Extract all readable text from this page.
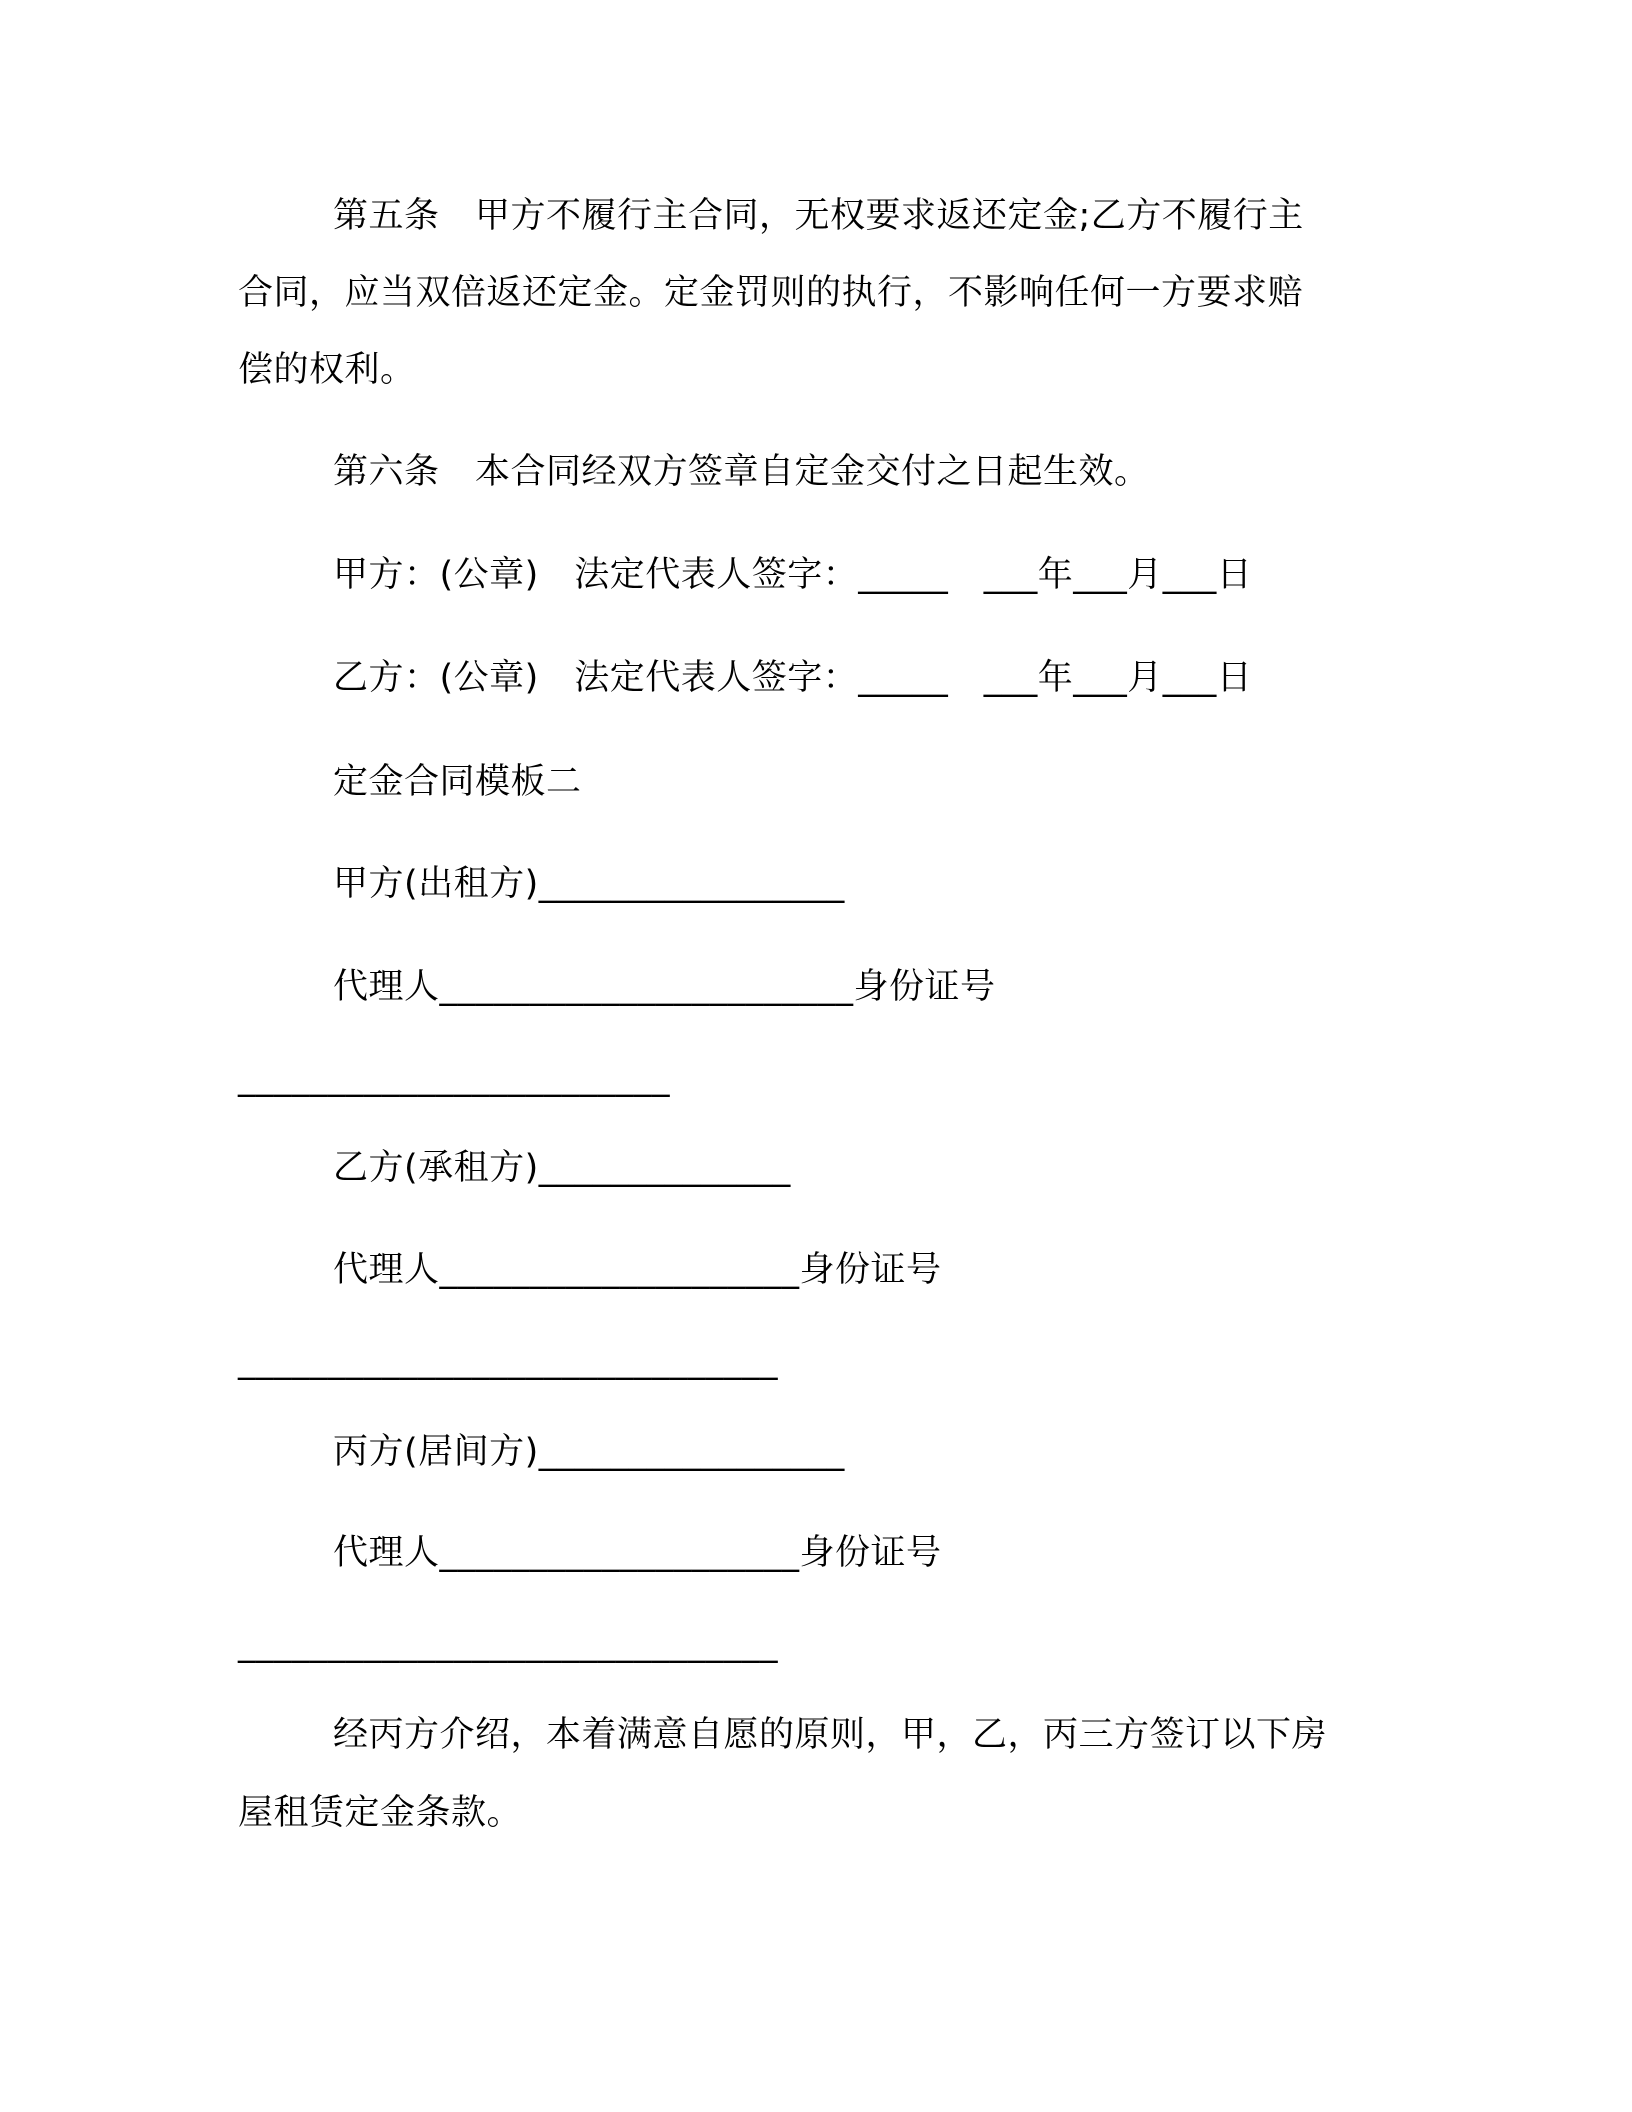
第五条　甲方不履行主合同，无权要求返还定金;乙方不履行主
合同，应当双倍返还定金。定金罚则的执行，不影响任何一方要求赔
偿的权利。
第六条　本合同经双方签章自定金交付之日起生效。
甲方：(公章)　法定代表人签字：_____　___年___月___日
乙方：(公章)　法定代表人签字：_____　___年___月___日
定金合同模板二
甲方(出租方)_________________
代理人_______________________身份证号
________________________
乙方(承租方)______________
代理人____________________身份证号
______________________________
丙方(居间方)_________________
代理人____________________身份证号
______________________________
经丙方介绍，本着满意自愿的原则，甲，乙，丙三方签订以下房
屋租赁定金条款。
